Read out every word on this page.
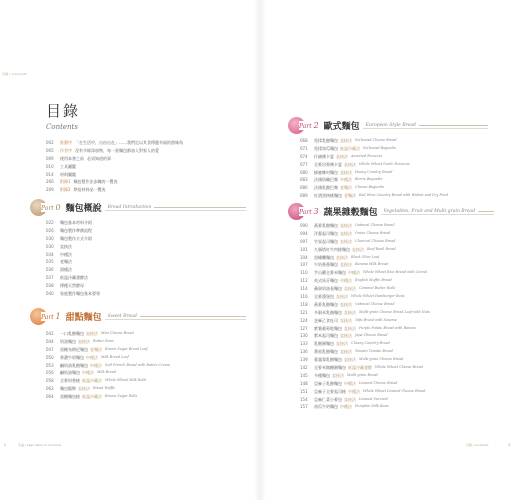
目錄 | Contents
目錄
Contents
002	推薦序 「在生活中，自由自在」……我們足以其食傳遞幸福的甜味角
005	作者序 沒有多餘添加物，每一款麵包都加入對家人的愛
009	使用本書之前 必須知道的事
010	工具圖鑑
014	材料圖鑑
266	附錄1 麵包製作法步驟的一覽表
269	附錄2 烘焙材料品一覽表
Part 0 麵包概說	Bread Introduction
022	麵包基本材料介紹
026	麵包製作準備流程
030	麵包製作方式介紹
030	直接法
034	中種法
035	老麵法
036	湯種法
037	低溫冷藏發酵法
038	傳種天然酵母
040	家庭製作麵包基本要領
Part 1 甜點麵包	Sweet Bread
042	一口乳酪麵包 直接法 Mini Cheese Bread
044	奶油麵包 直接法 Butter Buns
047	黑糖布朗尼麵包 老麵法 Brown Sugar Bread Loaf
050	香濃牛奶麵包 中種法 Milk Bread Loaf
053	鹹奶油乳酪麵包 中種法 Soft French Bread with Butter Cream
056	鹹奶油麵包 中種法 Milk Bread
058	全麥奶香捲 低溫冷藏法 Whole Wheat Milk Rolls
062	麵包鬆餅 直接法 Bread Waffle
064	黑糖麵包捲 低溫冷藏法 Brown Sugar Rolls
2	序論 | Page Table of Contents
Part 2 歐式麵包	European Style Bread
068	免揉乳酪麵包 直接法 No-knead Cheese Bread
071	免揉南瓜麵包 低溫冷藏法 No-knead Baguette
074	什錦佛卡夏 直接法 Assorted Focaccia
077	全麥田香佛卡夏 直接法 Whole Wheat Garlic Focaccia
080	蜂蜜鄉村麵包 直接法 Honey Country Bread
083	法國紡織巴黎 中種法 Berrie Baguette
086	法國乳酪巴黎 老麵法 Cheese Baguette
089	紅酒黑核桃麵包 老麵法 Red Wine Country Bread with Walnut and Dry Fruit
Part 3 蔬果雜穀麵包	Vegetables, Fruit and Multi-grain Bread
090	燕麥乳酪麵包 直接法 Oatmeal Cheese Bread
094	洋蔥起司麵包 直接法 Onion Cheese Bread
097	竹炭起司麵包 直接法 Charcoal Cheese Bread
101	九層塔紅牛肉捲麵包 直接法 Beef Basil Bread
104	黑橄欖麵包 直接法 Black Olive Loaf
107	午奶香蕉麵包 直接法 Banana Milk Bread
110	芋山藥全麥米麵包 中種法 Whole Wheat Rice Bread with Cereal
112	英式馬芬麵包 中種法 English Muffin Bread
114	蘋果奶油卷麵包 直接法 Caramel Butter Rolls
116	全麥漢堡包 直接法 Whole Wheat Hamburger Buns
118	燕麥乳酪麵包 直接法 Oatmeal Cheese Bread
121	多穀米乳酪麵包 直接法 Multi-grain Cheese Bread Loaf with Nuts
124	芝麻乙食吐司 直接法 Tofu Bread with Sesame
127	紫薯葡萄乾麵包 直接法 Purple Potato Bread with Raisins
130	紫米起司麵包 直接法 Japa Cheese Bread
133	乳酪圓麵包 直接法 Cheesy Country Bread
136	番茄乳酪麵包 直接法 Tomato Tomato Bread
139	蔓越莓乳酪麵包 直接法 Multi-grain Cheese Bread
142	全麥米無糖圓麵包 低溫冷藏發酵 Whole Wheat Cheese Bread
145	多種麵包 直接法 Multi-grain Bread
148	亞麻子乳酪麵包 中種法 Linseed Cheese Bread
151	亞麻子全麥起司捲 中種法 Whole Wheat Linseed Cheese Bread
154	亞麻仁菜小麥包 直接法 Linseed Survival
157	南瓜牛奶麵包 中種法 Pumpkin Milk Buns
目錄 | Contents	3
